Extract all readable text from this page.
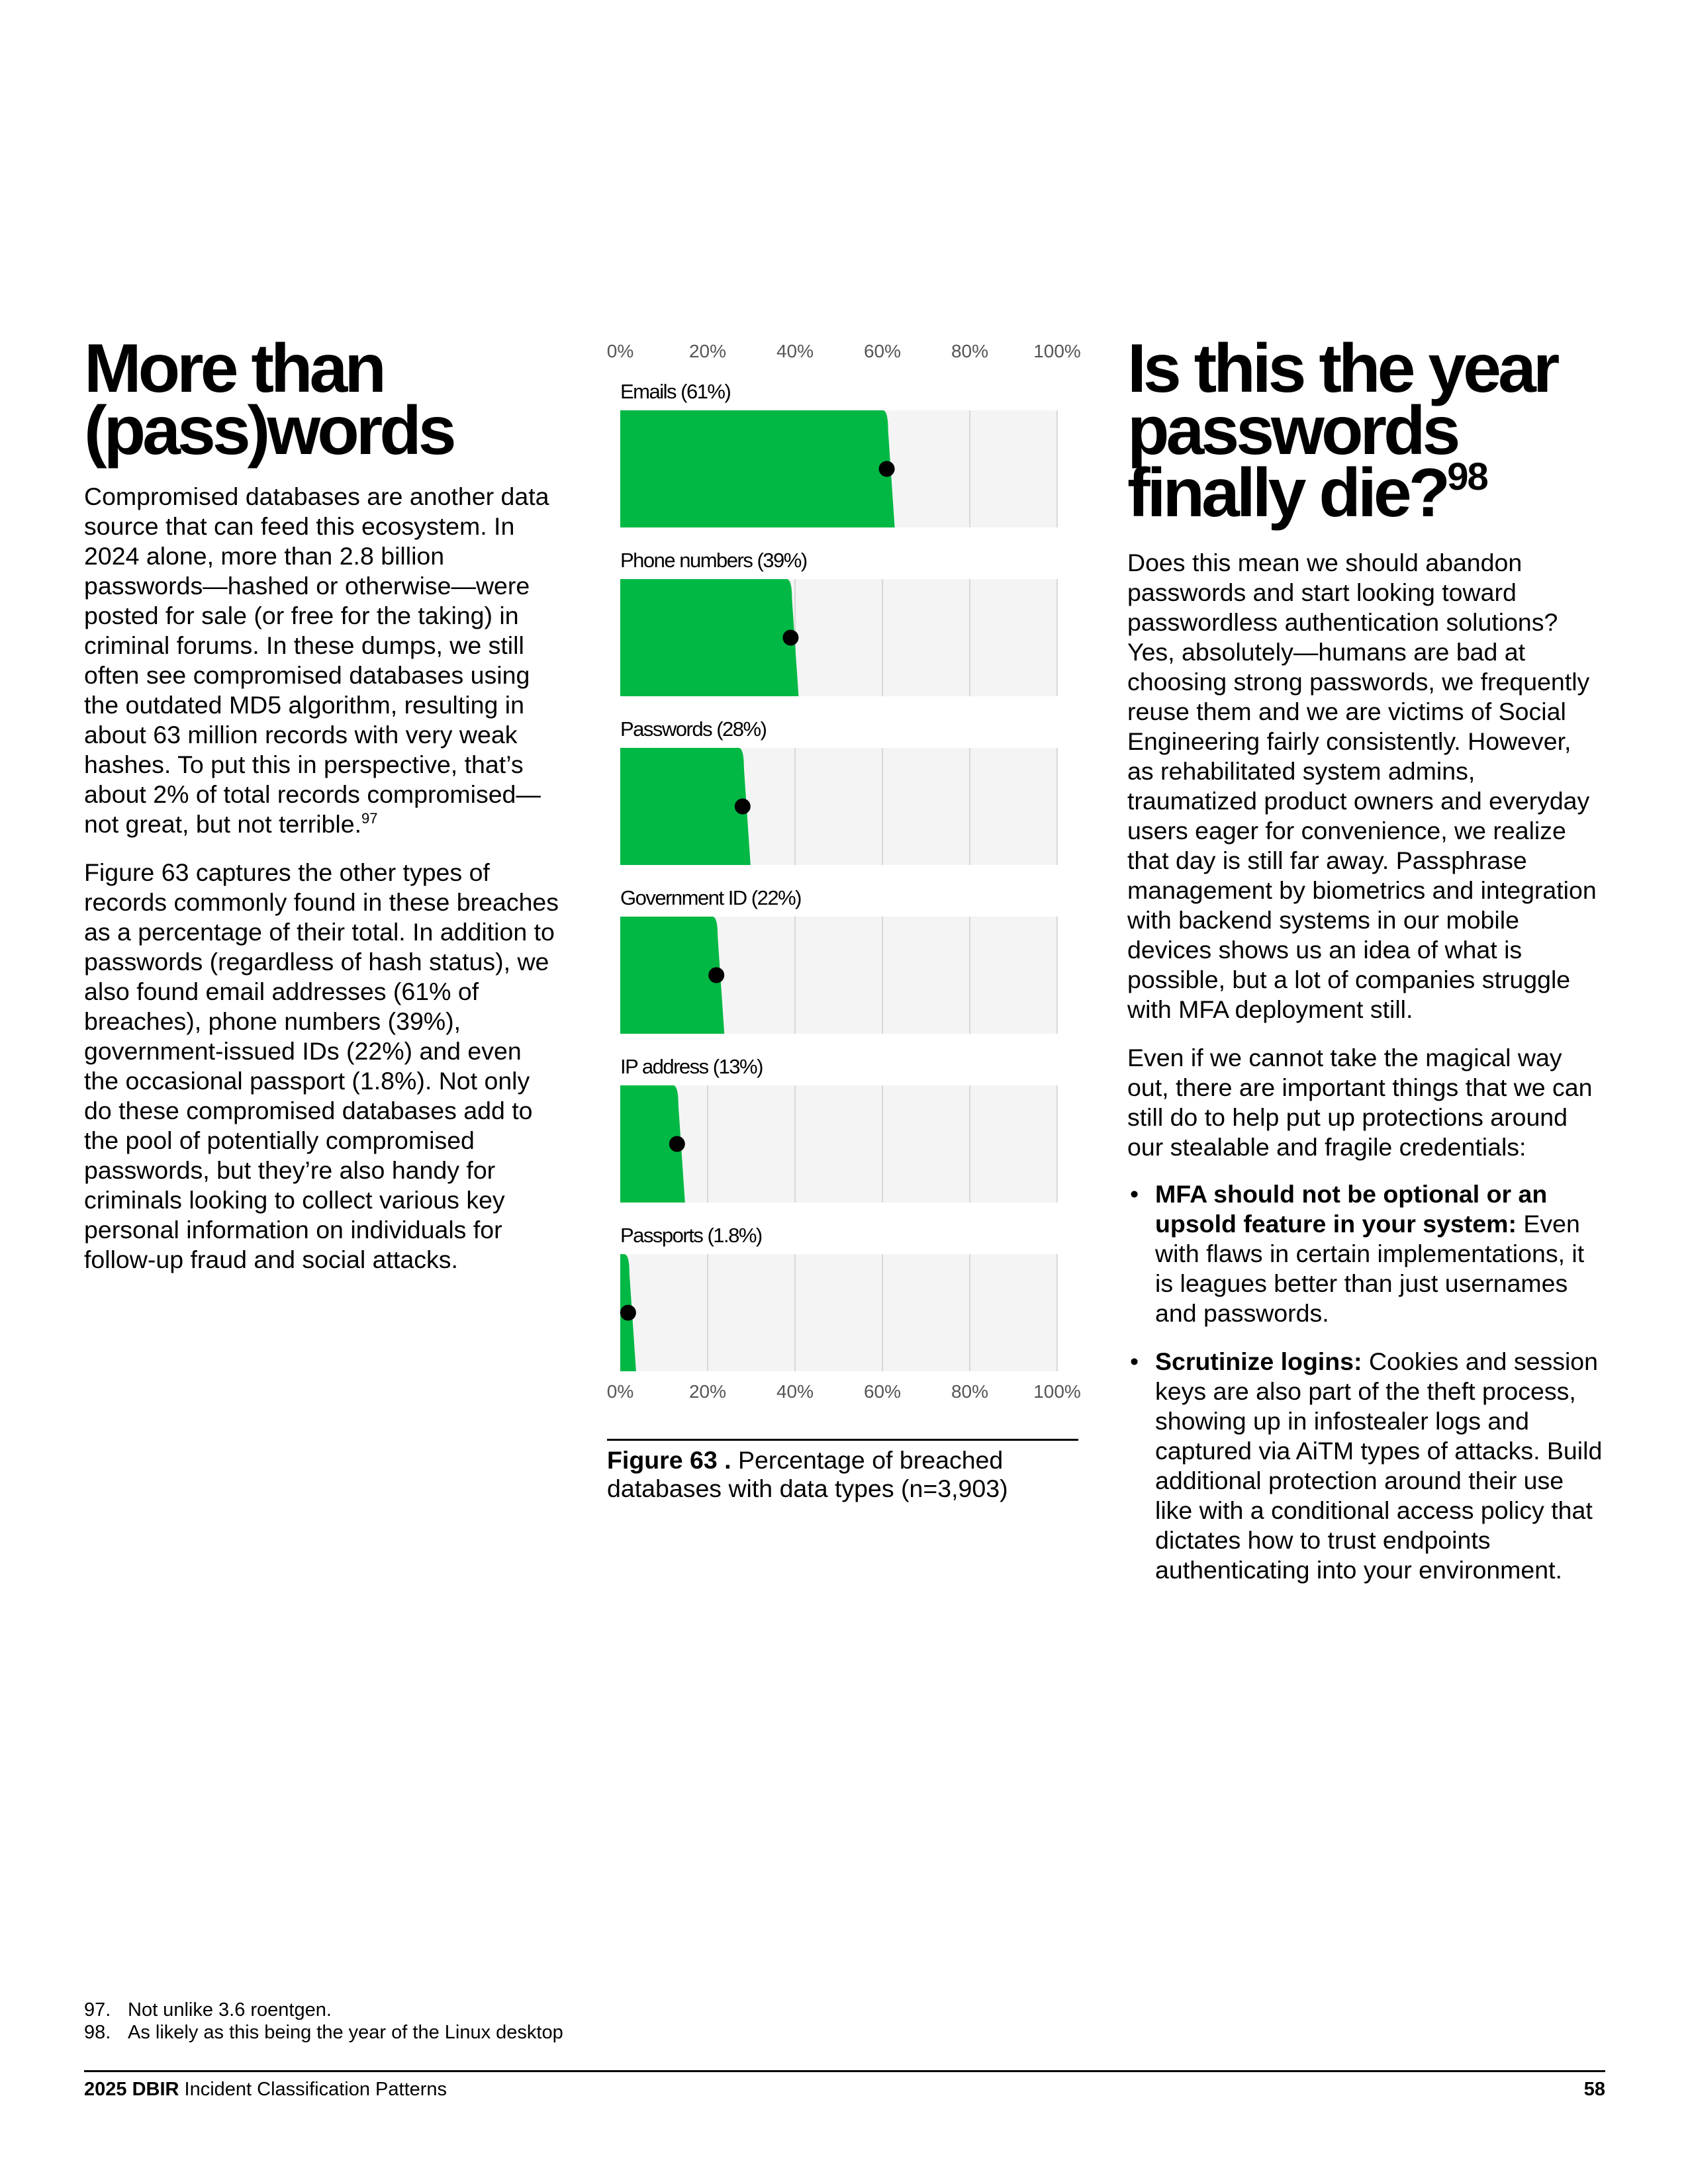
More than
(pass)words

Compromised databases are another data source that can feed this ecosystem. In 2024 alone, more than 2.8 billion passwords—hashed or otherwise—were posted for sale (or free for the taking) in criminal forums. In these dumps, we still often see compromised databases using the outdated MD5 algorithm, resulting in about 63 million records with very weak hashes. To put this in perspective, that’s about 2% of total records compromised—not great, but not terrible.$^{97}$

Figure 63 captures the other types of records commonly found in these breaches as a percentage of their total. In addition to passwords (regardless of hash status), we also found email addresses (61% of breaches), phone numbers (39%), government-issued IDs (22%) and even the occasional passport (1.8%). Not only do these compromised databases add to the pool of potentially compromised passwords, but they’re also handy for criminals looking to collect various key personal information on individuals for follow-up fraud and social attacks.

Emails (61%)
Phone numbers (39%)
Passwords (28%)
Government ID (22%)
IP address (13%)
Passports (1.8%)
0%	20%	40%	60%	80% 100%
0%	20%	40%	60%	80% 100%
Figure 63 . Percentage of breached databases with data types (n=3,903)
Is this the year
passwords
finally die?$^{98}$

Does this mean we should abandon passwords and start looking toward passwordless authentication solutions? Yes, absolutely—humans are bad at choosing strong passwords, we frequently reuse them and we are victims of Social Engineering fairly consistently. However, as rehabilitated system admins, traumatized product owners and everyday users eager for convenience, we realize that day is still far away. Passphrase management by biometrics and integration with backend systems in our mobile devices shows us an idea of what is possible, but a lot of companies struggle with MFA deployment still.

Even if we cannot take the magical way out, there are important things that we can still do to help put up protections around our stealable and fragile credentials:

• MFA should not be optional or an upsold feature in your system: Even with flaws in certain implementations, it is leagues better than just usernames and passwords.
• Scrutinize logins: Cookies and session keys are also part of the theft process, showing up in infostealer logs and captured via AiTM types of attacks. Build additional protection around their use like with a conditional access policy that dictates how to trust endpoints authenticating into your environment.
97. Not unlike 3.6 roentgen.
98. As likely as this being the year of the Linux desktop
2025 DBIR Incident Classification Patterns	58
